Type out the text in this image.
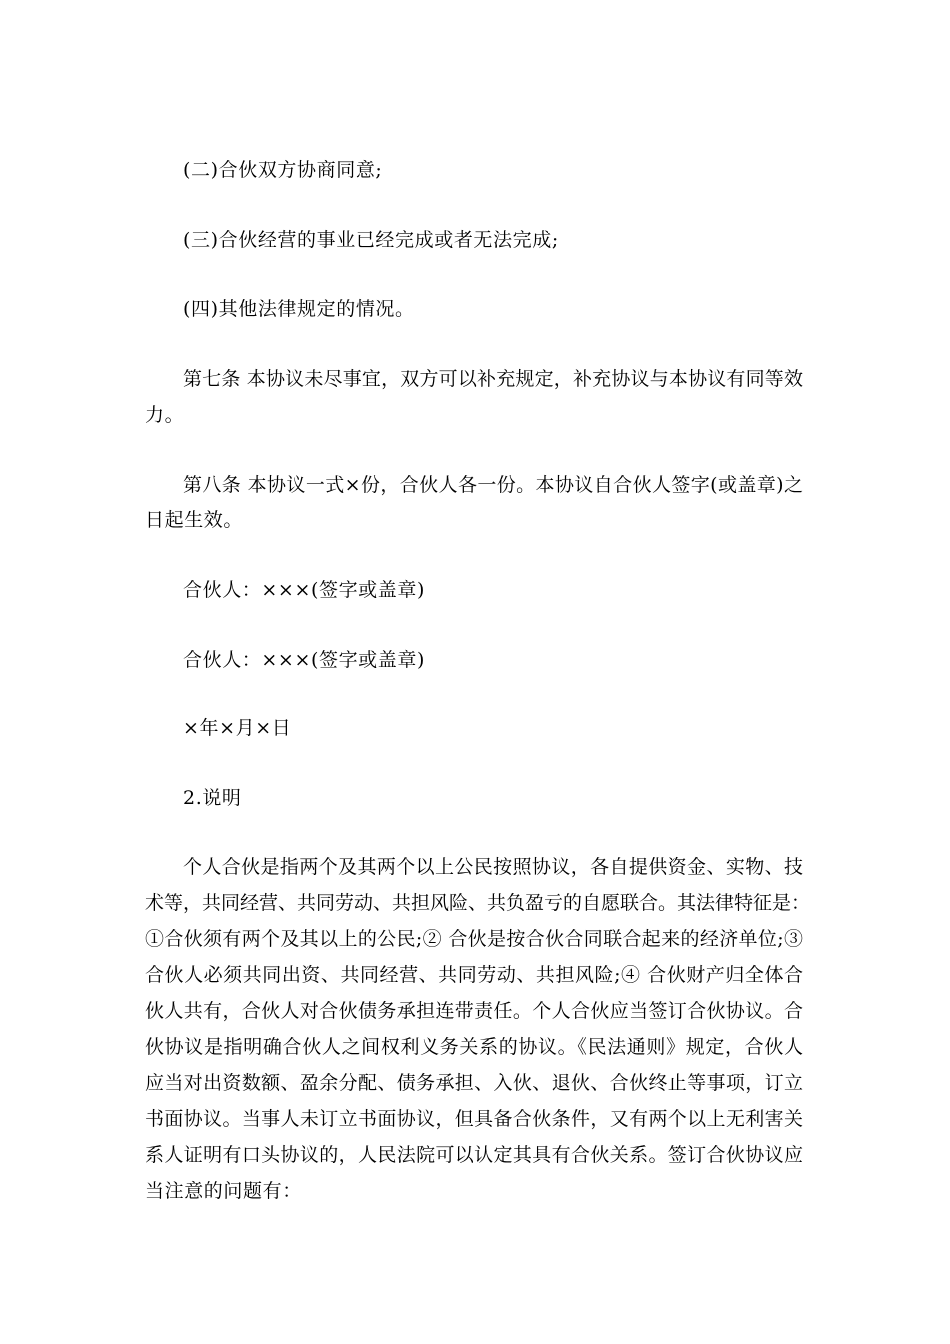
(二)合伙双方协商同意;
(三)合伙经营的事业已经完成或者无法完成;
(四)其他法律规定的情况。
第七条 本协议未尽事宜，双方可以补充规定，补充协议与本协议有同等效
力。
第八条 本协议一式×份，合伙人各一份。本协议自合伙人签字(或盖章)之
日起生效。
合伙人：×××(签字或盖章)
合伙人：×××(签字或盖章)
×年×月×日
2.说明
个人合伙是指两个及其两个以上公民按照协议，各自提供资金、实物、技
术等，共同经营、共同劳动、共担风险、共负盈亏的自愿联合。其法律特征是：
①合伙须有两个及其以上的公民;② 合伙是按合伙合同联合起来的经济单位;③
合伙人必须共同出资、共同经营、共同劳动、共担风险;④ 合伙财产归全体合
伙人共有，合伙人对合伙债务承担连带责任。个人合伙应当签订合伙协议。合
伙协议是指明确合伙人之间权利义务关系的协议。《民法通则》规定，合伙人
应当对出资数额、盈余分配、债务承担、入伙、退伙、合伙终止等事项，订立
书面协议。当事人未订立书面协议，但具备合伙条件，又有两个以上无利害关
系人证明有口头协议的，人民法院可以认定其具有合伙关系。签订合伙协议应
当注意的问题有：
